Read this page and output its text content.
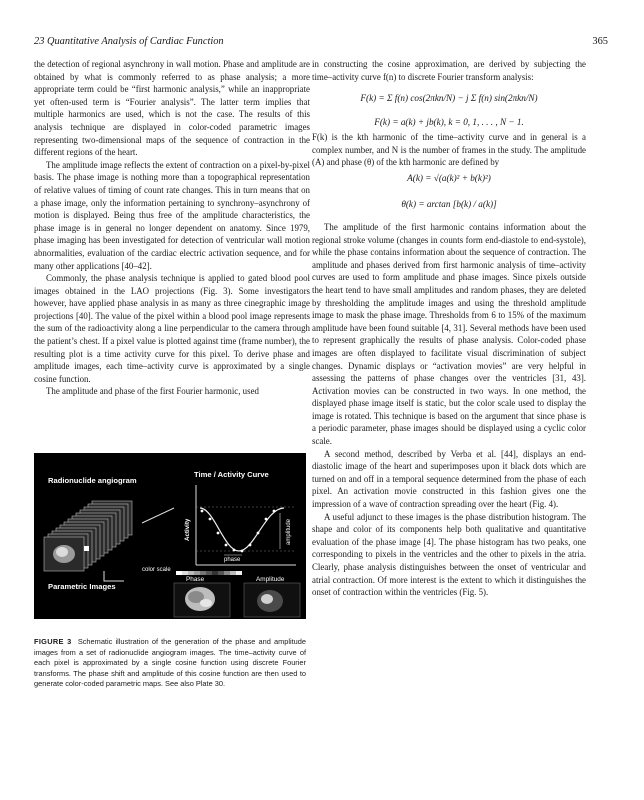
23 Quantitative Analysis of Cardiac Function	365

the detection of regional asynchrony in wall motion. Phase and amplitude are obtained by what is commonly referred to as phase analysis; a more appropriate term could be “first harmonic analysis,” while an inappropriate yet often-used term is “Fourier analysis”. The latter term implies that multiple harmonics are used, which is not the case. The results of this analysis technique are displayed in color-coded parametric images representing two-dimensional maps of the sequence of contraction in the different regions of the heart.

The amplitude image reflects the extent of contraction on a pixel-by-pixel basis. The phase image is nothing more than a topographical representation of relative values of timing of count rate changes. This in turn means that on a phase image, only the information pertaining to synchrony–asynchrony of motion is displayed. Being thus free of the amplitude characteristics, the phase image is in general no longer dependent on anatomy. Since 1979, phase imaging has been investigated for detection of ventricular wall motion abnormalities, evaluation of the cardiac electric activation sequence, and for many other applications [40–42].

Commonly, the phase analysis technique is applied to gated blood pool images obtained in the LAO projections (Fig. 3). Some investigators however, have applied phase analysis in as many as three cinegraphic image projections [40]. The value of the pixel within a blood pool image represents the sum of the radioactivity along a line perpendicular to the camera through the patient’s chest. If a pixel value is plotted against time (frame number), the resulting plot is a time activity curve for this pixel. To derive phase and amplitude images, each time–activity curve is approximated by a single cosine function.

The amplitude and phase of the first Fourier harmonic, used

Radionuclide angiogram
Time / Activity Curve
Activity	amplitude
phase
color scale
Parametric Images
Phase	Amplitude
FIGURE 3 Schematic illustration of the generation of the phase and amplitude images from a set of radionuclide angiogram images. The time–activity curve of each pixel is approximated by a single cosine function using discrete Fourier transforms. The phase shift and amplitude of this cosine function are then used to generate color-coded parametric maps. See also Plate 30.

in constructing the cosine approximation, are derived by subjecting the time–activity curve f(n) to discrete Fourier transform analysis:

F(k) = Σ f(n) cos(2πkn/N) − j Σ f(n) sin(2πkn/N)
F(k) = a(k) + jb(k), k = 0, 1, . . . , N − 1.

F(k) is the kth harmonic of the time–activity curve and in general is a complex number, and N is the number of frames in the study. The amplitude (A) and phase (θ) of the kth harmonic are defined by

A(k) = √(a(k)² + b(k)²)
θ(k) = arctan [b(k) / a(k)]

The amplitude of the first harmonic contains information about the regional stroke volume (changes in counts form end-diastole to end-systole), while the phase contains information about the sequence of contraction. The amplitude and phases derived from first harmonic analysis of time–activity curves are used to form amplitude and phase images. Since pixels outside the heart tend to have small amplitudes and random phases, they are deleted by thresholding the amplitude images and using the threshold amplitude image to mask the phase image. Thresholds from 6 to 15% of the maximum amplitude have been found suitable [4, 31]. Several methods have been used to represent graphically the results of phase analysis. Color-coded phase images are often displayed to facilitate visual discrimination of subject changes. Dynamic displays or “activation movies” are very helpful in assessing the patterns of phase changes over the ventricles [31, 43]. Activation movies can be constructed in two ways. In one method, the displayed phase image itself is static, but the color scale used to display the image is rotated. This technique is based on the argument that since phase is a periodic parameter, phase images should be displayed using a cyclic color scale.

A second method, described by Verba et al. [44], displays an end-diastolic image of the heart and superimposes upon it black dots which are turned on and off in a temporal sequence determined from the phase of each pixel. An activation movie constructed in this fashion gives one the impression of a wave of contraction spreading over the heart (Fig. 4).

A useful adjunct to these images is the phase distribution histogram. The shape and color of its components help both qualitative and quantitative evaluation of the phase image [4]. The phase histogram has two peaks, one corresponding to pixels in the ventricles and the other to pixels in the atria. Clearly, phase analysis distinguishes between the onset of ventricular and atrial contraction. Of more interest is the extent to which it distinguishes the onset of contraction within the ventricles (Fig. 5).
